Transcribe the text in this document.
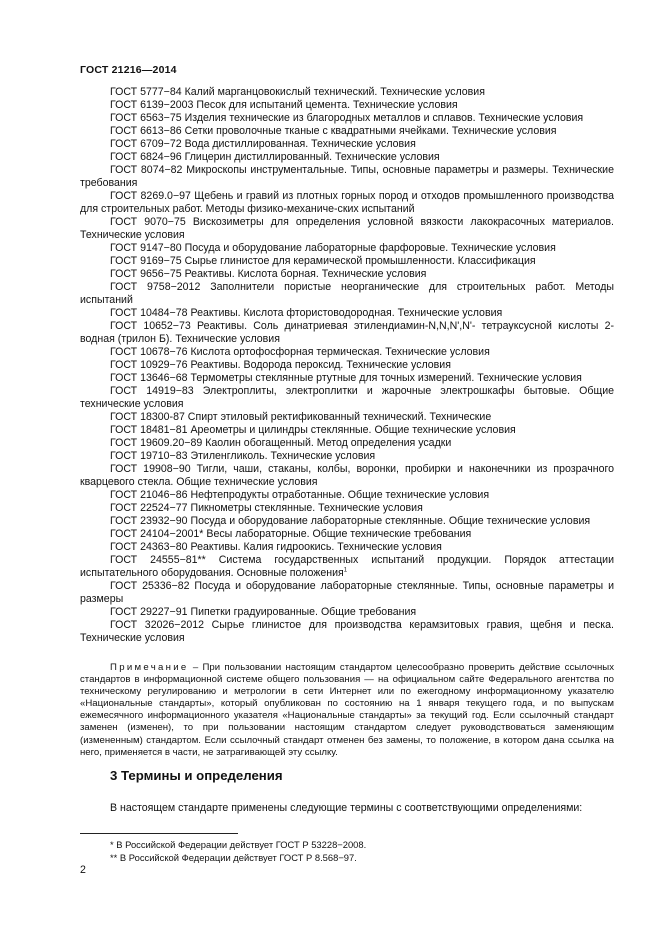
ГОСТ 21216—2014

ГОСТ 5777−84 Калий марганцовокислый технический. Технические условия

ГОСТ 6139−2003 Песок для испытаний цемента. Технические условия

ГОСТ 6563−75 Изделия технические из благородных металлов и сплавов. Технические условия

ГОСТ 6613−86 Сетки проволочные тканые с квадратными ячейками. Технические условия

ГОСТ 6709−72 Вода дистиллированная. Технические условия

ГОСТ 6824−96 Глицерин дистиллированный. Технические условия

ГОСТ 8074−82 Микроскопы инструментальные. Типы, основные параметры и размеры. Технические требования

ГОСТ 8269.0−97 Щебень и гравий из плотных горных пород и отходов промышленного производства для строительных работ. Методы физико-механиче-ских испытаний

ГОСТ 9070−75 Вискозиметры для определения условной вязкости лакокрасочных материалов. Технические условия

ГОСТ 9147−80 Посуда и оборудование лабораторные фарфоровые. Технические условия

ГОСТ 9169−75 Сырье глинистое для керамической промышленности. Классификация

ГОСТ 9656−75 Реактивы. Кислота борная. Технические условия

ГОСТ 9758−2012 Заполнители пористые неорганические для строительных работ. Методы испытаний

ГОСТ 10484−78 Реактивы. Кислота фтористоводородная. Технические условия

ГОСТ 10652−73 Реактивы. Соль динатриевая этилендиамин-N,N,N',N'- тетрауксусной кислоты 2-водная (трилон Б). Технические условия

ГОСТ 10678−76 Кислота ортофосфорная термическая. Технические условия

ГОСТ 10929−76 Реактивы. Водорода пероксид. Технические условия

ГОСТ 13646−68 Термометры стеклянные ртутные для точных измерений. Технические условия

ГОСТ 14919−83 Электроплиты, электроплитки и жарочные электрошкафы бытовые. Общие технические условия

ГОСТ 18300-87 Спирт этиловый ректификованный технический. Технические

ГОСТ 18481−81 Ареометры и цилиндры стеклянные. Общие технические условия

ГОСТ 19609.20−89 Каолин обогащенный. Метод определения усадки

ГОСТ 19710−83 Этиленгликоль. Технические условия

ГОСТ 19908−90 Тигли, чаши, стаканы, колбы, воронки, пробирки и наконечники из прозрачного кварцевого стекла. Общие технические условия

ГОСТ 21046−86 Нефтепродукты отработанные. Общие технические условия

ГОСТ 22524−77 Пикнометры стеклянные. Технические условия

ГОСТ 23932−90 Посуда и оборудование лабораторные стеклянные. Общие технические условия

ГОСТ 24104−2001* Весы лабораторные. Общие технические требования

ГОСТ 24363−80 Реактивы. Калия гидроокись. Технические условия

ГОСТ 24555−81** Система государственных испытаний продукции. Порядок аттестации испытательного оборудования. Основные положения$^1$

ГОСТ 25336−82 Посуда и оборудование лабораторные стеклянные. Типы, основные параметры и размеры

ГОСТ 29227−91 Пипетки градуированные. Общие требования

ГОСТ 32026−2012 Сырье глинистое для производства керамзитовых гравия, щебня и песка. Технические условия

Примечание – При пользовании настоящим стандартом целесообразно проверить действие ссылочных стандартов в информационной системе общего пользования — на официальном сайте Федерального агентства по техническому регулированию и метрологии в сети Интернет или по ежегодному информационному указателю «Национальные стандарты», который опубликован по состоянию на 1 января текущего года, и по выпускам ежемесячного информационного указателя «Национальные стандарты» за текущий год. Если ссылочный стандарт заменен (изменен), то при пользовании настоящим стандартом следует руководствоваться заменяющим (измененным) стандартом. Если ссылочный стандарт отменен без замены, то положение, в котором дана ссылка на него, применяется в части, не затрагивающей эту ссылку.
3 Термины и определения
В настоящем стандарте применены следующие термины с соответствующими определениями:
* В Российской Федерации действует ГОСТ Р 53228−2008.
** В Российской Федерации действует ГОСТ Р 8.568−97.
2
